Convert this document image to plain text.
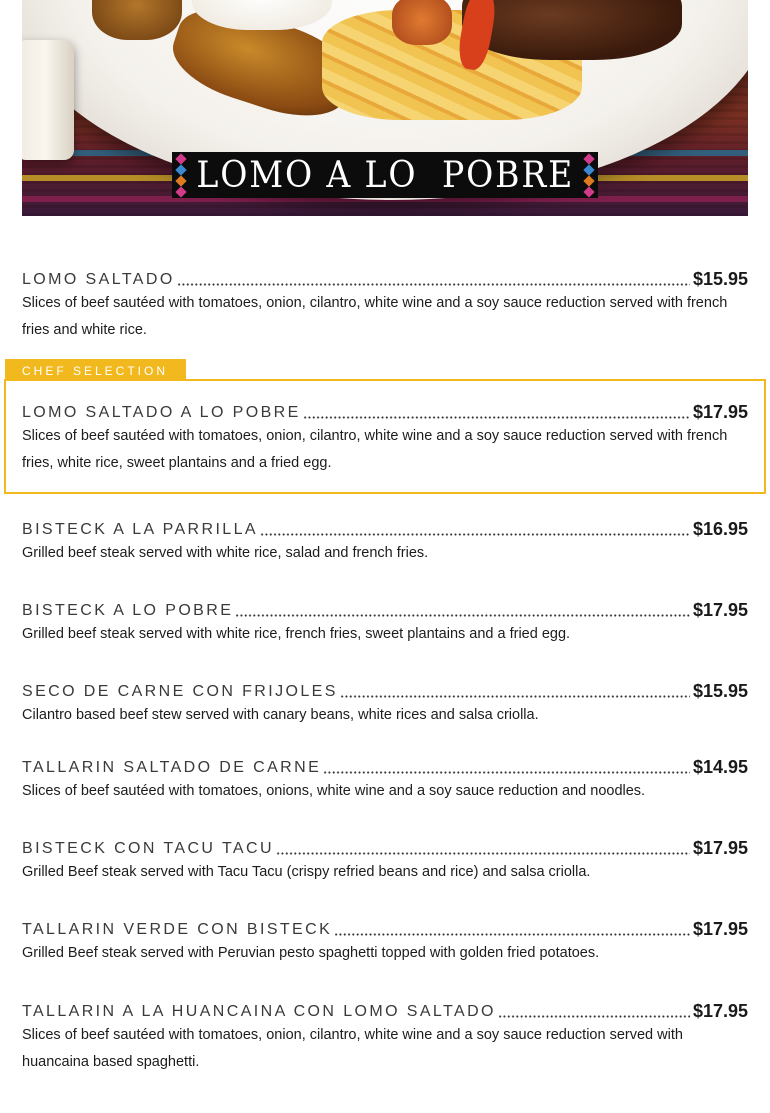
LOMO A LO  POBRE
CHEF SELECTION
LOMO SALTADO	$15.95

Slices of beef sautéed with tomatoes, onion, cilantro, white wine and a soy sauce reduction served with french fries and white rice.

LOMO SALTADO A LO POBRE	$17.95

Slices of beef sautéed with tomatoes, onion, cilantro, white wine and a soy sauce reduction served with french fries, white rice, sweet plantains and a fried egg.

BISTECK A LA PARRILLA	$16.95

Grilled beef steak served with white rice, salad and french fries.

BISTECK A LO POBRE	$17.95

Grilled beef steak served with white rice, french fries, sweet plantains and a fried egg.

SECO DE CARNE CON FRIJOLES	$15.95

Cilantro based beef stew served with canary beans, white rices and salsa criolla.

TALLARIN SALTADO DE CARNE	$14.95

Slices of beef sautéed with tomatoes, onions, white wine and a soy sauce reduction and noodles.

BISTECK CON TACU TACU	$17.95

Grilled Beef steak served with Tacu Tacu (crispy refried beans and rice) and salsa criolla.

TALLARIN VERDE CON BISTECK	$17.95

Grilled Beef steak served with Peruvian pesto spaghetti topped with golden fried potatoes.

TALLARIN A LA HUANCAINA CON LOMO SALTADO	$17.95

Slices of beef sautéed with tomatoes, onion, cilantro, white wine and a soy sauce reduction served with huancaina based spaghetti.
